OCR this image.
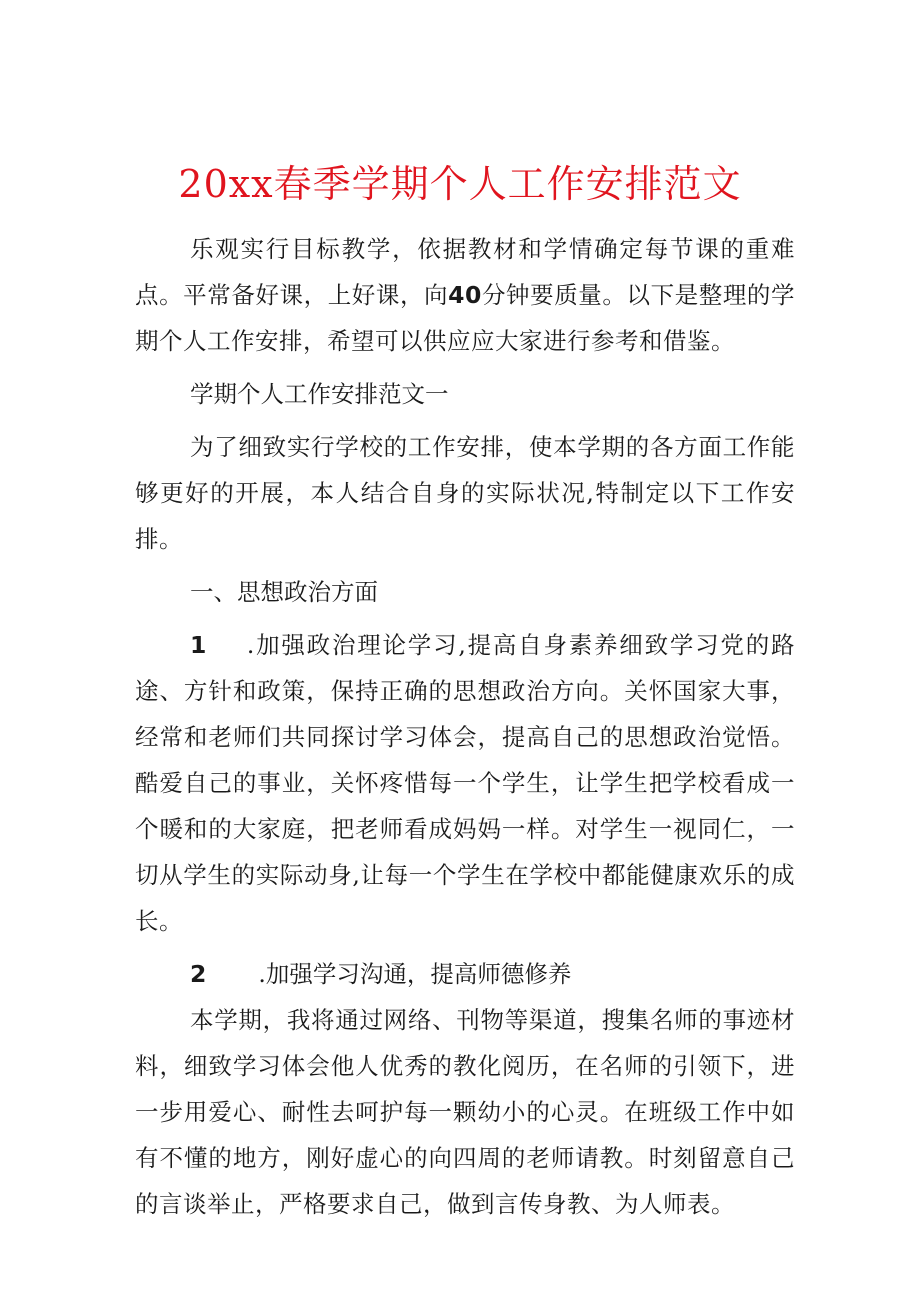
20xx春季学期个人工作安排范文

乐观实行目标教学，依据教材和学情确定每节课的重难点。平常备好课，上好课，向40分钟要质量。以下是整理的学期个人工作安排，希望可以供应应大家进行参考和借鉴。

学期个人工作安排范文一

为了细致实行学校的工作安排，使本学期的各方面工作能够更好的开展，本人结合自身的实际状况,特制定以下工作安排。

一、思想政治方面

1 .加强政治理论学习,提高自身素养细致学习党的路途、方针和政策，保持正确的思想政治方向。关怀国家大事，经常和老师们共同探讨学习体会，提高自己的思想政治觉悟。酷爱自己的事业，关怀疼惜每一个学生，让学生把学校看成一个暖和的大家庭，把老师看成妈妈一样。对学生一视同仁，一切从学生的实际动身,让每一个学生在学校中都能健康欢乐的成长。

2 .加强学习沟通，提高师德修养

本学期，我将通过网络、刊物等渠道，搜集名师的事迹材料，细致学习体会他人优秀的教化阅历，在名师的引领下，进一步用爱心、耐性去呵护每一颗幼小的心灵。在班级工作中如有不懂的地方，刚好虚心的向四周的老师请教。时刻留意自己的言谈举止，严格要求自己，做到言传身教、为人师表。
